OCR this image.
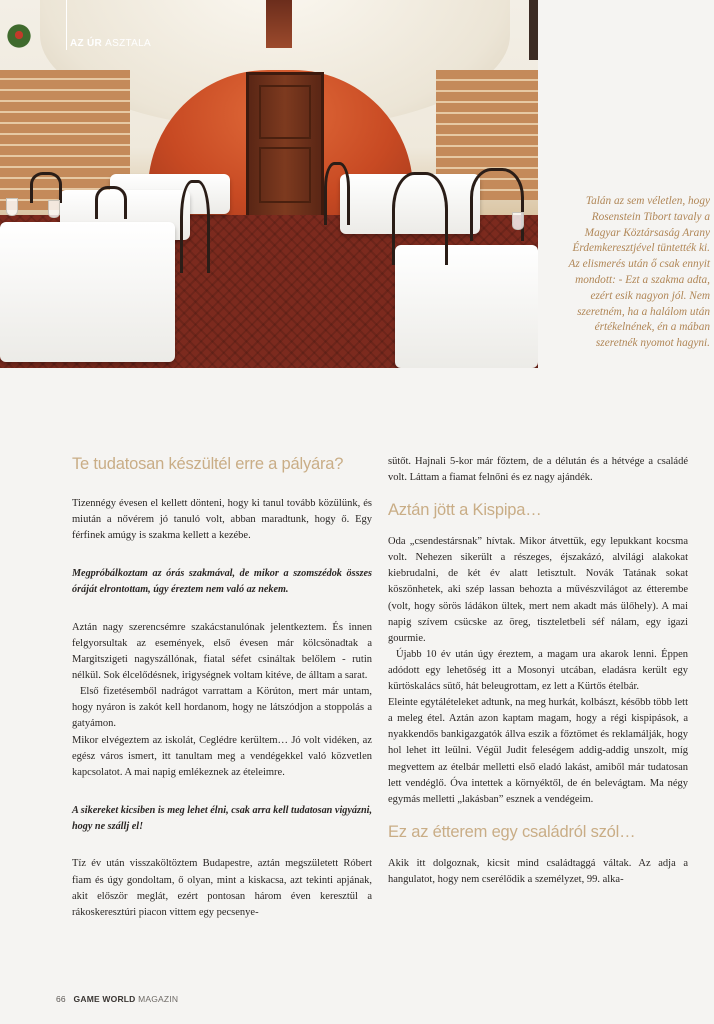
AZ ÚR ASZTALA

Talán az sem véletlen, hogy Rosenstein Tibort tavaly a Magyar Köztársaság Arany Érdemkeresztjével tüntették ki. Az elismerés után ő csak ennyit mondott: - Ezt a szakma adta, ezért esik nagyon jól. Nem szeretném, ha a halálom után értékelnének, én a mában szeretnék nyomot hagyni.

Te tudatosan készültél erre a pályára?

Tizennégy évesen el kellett dönteni, hogy ki tanul tovább közülünk, és miután a nővérem jó tanuló volt, abban maradtunk, hogy ő. Egy férfinek amúgy is szakma kellett a kezébe.

Megpróbálkoztam az órás szakmával, de mikor a szomszédok összes óráját elrontottam, úgy éreztem nem való az nekem.

Aztán nagy szerencsémre szakácstanulónak jelentkeztem. És innen felgyorsultak az események, első évesen már kölcsönadtak a Margitszigeti nagyszállónak, fiatal séfet csináltak belőlem - rutin nélkül. Sok élcelődésnek, irigységnek voltam kitéve, de álltam a sarat.

Első fizetésemből nadrágot varrattam a Körúton, mert már untam, hogy nyáron is zakót kell hordanom, hogy ne látszódjon a stoppolás a gatyámon.

Mikor elvégeztem az iskolát, Ceglédre kerültem… Jó volt vidéken, az egész város ismert, itt tanultam meg a vendégekkel való közvetlen kapcsolatot. A mai napig emlékeznek az ételeimre.

A sikereket kicsiben is meg lehet élni, csak arra kell tudatosan vigyázni, hogy ne szállj el!

Tíz év után visszaköltöztem Budapestre, aztán megszületett Róbert fiam és úgy gondoltam, ő olyan, mint a kiskacsa, azt tekinti apjának, akit először meglát, ezért pontosan három éven keresztül a rákoskeresztúri piacon vittem egy pecsenye-

sütőt. Hajnali 5-kor már főztem, de a délután és a hétvége a családé volt. Láttam a fiamat felnőni és ez nagy ajándék.

Aztán jött a Kispipa…

Oda „csendestársnak” hívtak. Mikor átvettük, egy lepukkant kocsma volt. Nehezen sikerült a részeges, éjszakázó, alvilági alakokat kiebrudalni, de két év alatt letisztult. Novák Tatának sokat köszönhetek, aki szép lassan behozta a művészvilágot az étterembe (volt, hogy sörös ládákon ültek, mert nem akadt más ülőhely). A mai napig szívem csücske az öreg, tiszteletbeli séf nálam, egy igazi gourmie.

Újabb 10 év után úgy éreztem, a magam ura akarok lenni. Éppen adódott egy lehetőség itt a Mosonyi utcában, eladásra került egy kürtöskalács sütő, hát beleugrottam, ez lett a Kürtős ételbár.

Eleinte egytálételeket adtunk, na meg hurkát, kolbászt, később több lett a meleg étel. Aztán azon kaptam magam, hogy a régi kispipások, a nyakkendős bankigazgatók állva eszik a főztömet és reklamálják, hogy hol lehet itt leülni. Végül Judit feleségem addig-addig unszolt, míg megvettem az ételbár melletti első eladó lakást, amiből már tudatosan lett vendéglő. Óva intettek a környéktől, de én belevágtam. Ma négy egymás melletti „lakásban” esznek a vendégeim.

Ez az étterem egy családról szól…

Akik itt dolgoznak, kicsit mind családtaggá váltak. Az adja a hangulatot, hogy nem cserélődik a személyzet, 99. alka-

66 GAME WORLD MAGAZIN
